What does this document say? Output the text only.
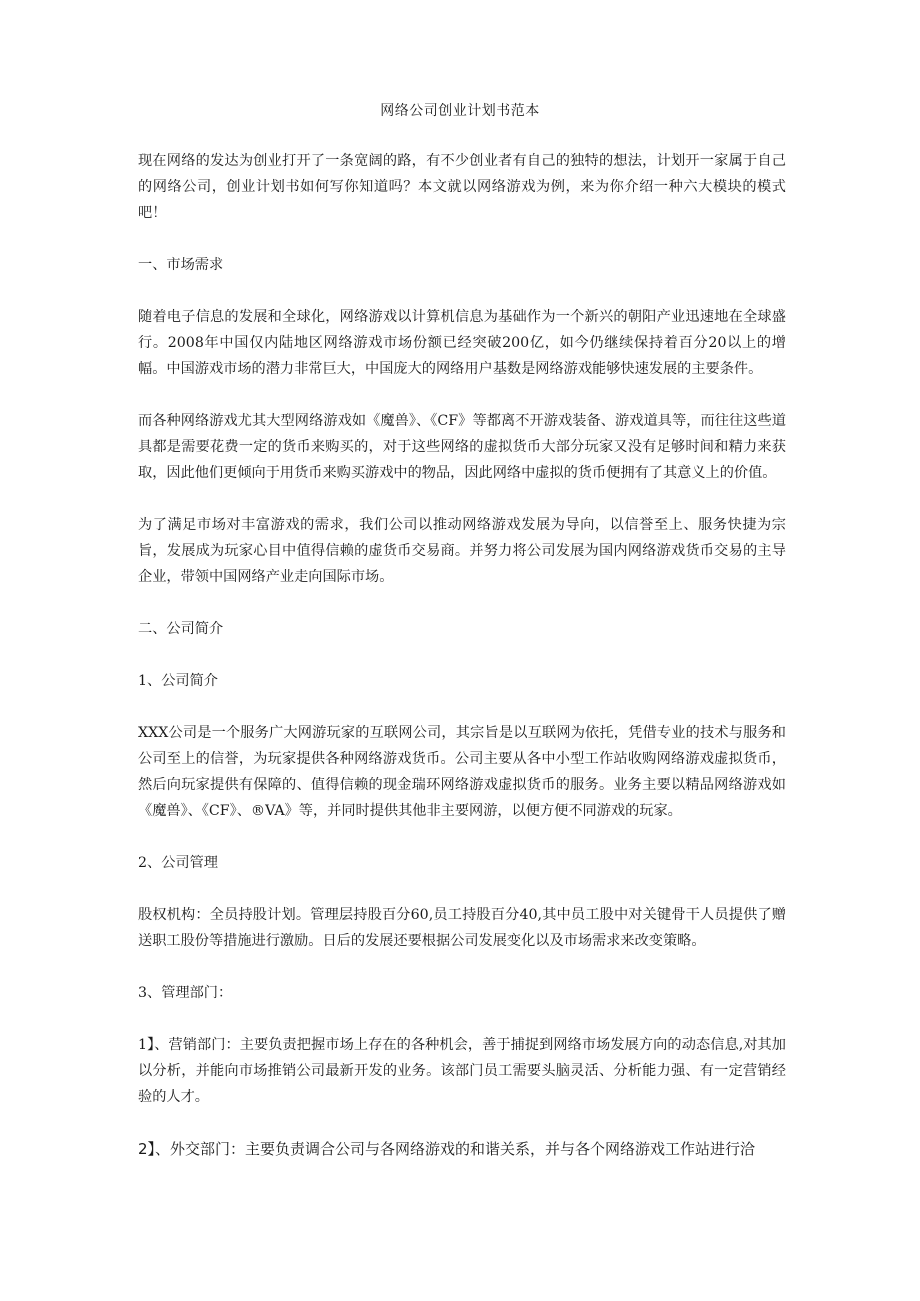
网络公司创业计划书范本

现在网络的发达为创业打开了一条宽阔的路，有不少创业者有自己的独特的想法，计划开一家属于自己的网络公司，创业计划书如何写你知道吗？本文就以网络游戏为例，来为你介绍一种六大模块的模式吧！

一、市场需求

随着电子信息的发展和全球化，网络游戏以计算机信息为基础作为一个新兴的朝阳产业迅速地在全球盛行。2008年中国仅内陆地区网络游戏市场份额已经突破200亿，如今仍继续保持着百分20以上的增幅。中国游戏市场的潜力非常巨大，中国庞大的网络用户基数是网络游戏能够快速发展的主要条件。

而各种网络游戏尤其大型网络游戏如《魔兽》、《CF》等都离不开游戏装备、游戏道具等，而往往这些道具都是需要花费一定的货币来购买的，对于这些网络的虚拟货币大部分玩家又没有足够时间和精力来获取，因此他们更倾向于用货币来购买游戏中的物品，因此网络中虚拟的货币便拥有了其意义上的价值。

为了满足市场对丰富游戏的需求，我们公司以推动网络游戏发展为导向，以信誉至上、服务快捷为宗旨，发展成为玩家心目中值得信赖的虚货币交易商。并努力将公司发展为国内网络游戏货币交易的主导企业，带领中国网络产业走向国际市场。

二、公司简介

1、公司简介

XXX公司是一个服务广大网游玩家的互联网公司，其宗旨是以互联网为依托，凭借专业的技术与服务和公司至上的信誉，为玩家提供各种网络游戏货币。公司主要从各中小型工作站收购网络游戏虚拟货币，然后向玩家提供有保障的、值得信赖的现金瑞环网络游戏虚拟货币的服务。业务主要以精品网络游戏如《魔兽》、《CF》、®VA》等，并同时提供其他非主要网游，以便方便不同游戏的玩家。

2、公司管理

股权机构：全员持股计划。管理层持股百分60,员工持股百分40,其中员工股中对关键骨干人员提供了赠送职工股份等措施进行激励。日后的发展还要根据公司发展变化以及市场需求来改变策略。

3、管理部门：

1】、营销部门：主要负责把握市场上存在的各种机会，善于捕捉到网络市场发展方向的动态信息,对其加以分析，并能向市场推销公司最新开发的业务。该部门员工需要头脑灵活、分析能力强、有一定营销经验的人才。

2】、外交部门：主要负责调合公司与各网络游戏的和谐关系，并与各个网络游戏工作站进行洽
